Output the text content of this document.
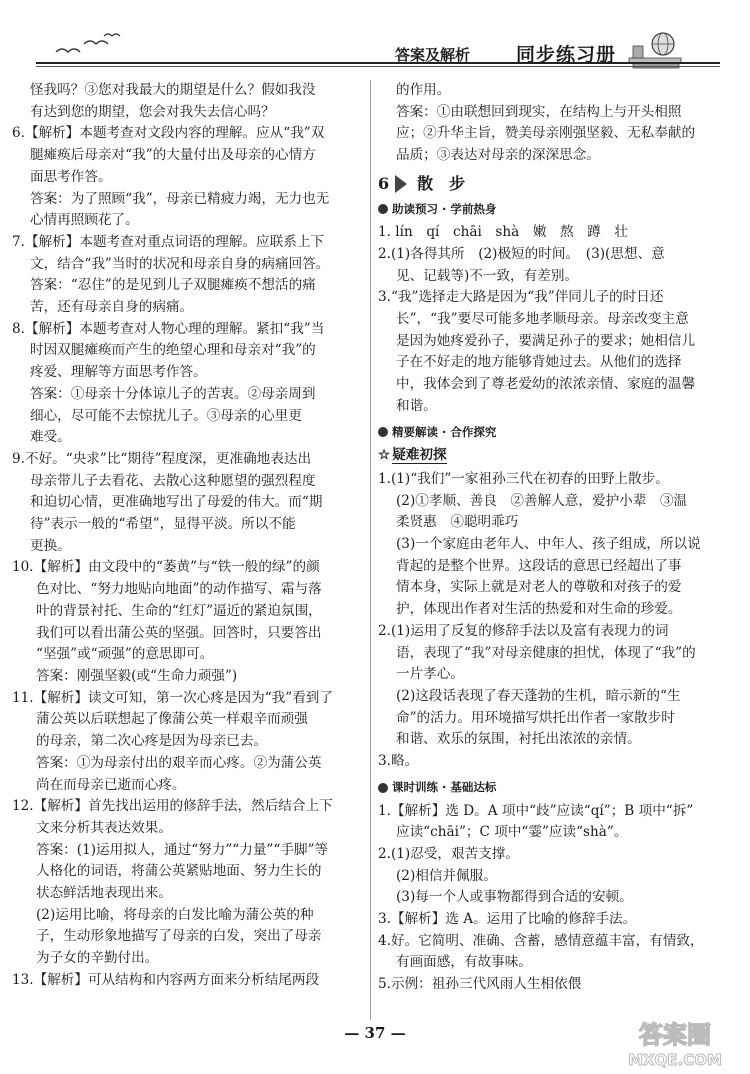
答案及解析 同步练习册

怪我吗？③您对我最大的期望是什么？假如我没

有达到您的期望，您会对我失去信心吗？

6.【解析】本题考查对文段内容的理解。应从“我”双

腿瘫痪后母亲对“我”的大量付出及母亲的心情方

面思考作答。

答案：为了照顾“我”，母亲已精疲力竭，无力也无

心情再照顾花了。

7.【解析】本题考查对重点词语的理解。应联系上下

文，结合“我”当时的状况和母亲自身的病痛回答。

答案：“忍住”的是见到儿子双腿瘫痪不想活的痛

苦，还有母亲自身的病痛。

8.【解析】本题考查对人物心理的理解。紧扣“我”当

时因双腿瘫痪而产生的绝望心理和母亲对“我”的

疼爱、理解等方面思考作答。

答案：①母亲十分体谅儿子的苦衷。②母亲周到

细心，尽可能不去惊扰儿子。③母亲的心里更

难受。

9.不好。“央求”比“期待”程度深，更准确地表达出

母亲带儿子去看花、去散心这种愿望的强烈程度

和迫切心情，更准确地写出了母爱的伟大。而“期

待”表示一般的“希望”，显得平淡。所以不能

更换。

10.【解析】由文段中的“萎黄”与“铁一般的绿”的颜

色对比、“努力地贴向地面”的动作描写、霜与落

叶的背景衬托、生命的“红灯”逼近的紧迫氛围，

我们可以看出蒲公英的坚强。回答时，只要答出

“坚强”或“顽强”的意思即可。

答案：刚强坚毅(或“生命力顽强”)

11.【解析】读文可知，第一次心疼是因为“我”看到了

蒲公英以后联想起了像蒲公英一样艰辛而顽强

的母亲，第二次心疼是因为母亲已去。

答案：①为母亲付出的艰辛而心疼。②为蒲公英

尚在而母亲已逝而心疼。

12.【解析】首先找出运用的修辞手法，然后结合上下

文来分析其表达效果。

答案：(1)运用拟人，通过“努力”“力量”“手脚”等

人格化的词语，将蒲公英紧贴地面、努力生长的

状态鲜活地表现出来。

(2)运用比喻，将母亲的白发比喻为蒲公英的种

子，生动形象地描写了母亲的白发，突出了母亲

为子女的辛勤付出。

13.【解析】可从结构和内容两方面来分析结尾两段

的作用。

答案：①由联想回到现实，在结构上与开头相照

应；②升华主旨，赞美母亲刚强坚毅、无私奉献的

品质；③表达对母亲的深深思念。

6 散　步
助读预习 · 学前热身

1. lín　qí　chāi　shà　嫩　熬　蹲　壮

2.(1)各得其所　(2)极短的时间。　(3)(思想、意

见、记载等)不一致，有差别。

3.“我”选择走大路是因为“我”伴同儿子的时日还

长”，“我”要尽可能多地孝顺母亲。母亲改变主意

是因为她疼爱孙子，要满足孙子的要求；她相信儿

子在不好走的地方能够背她过去。从他们的选择

中，我体会到了尊老爱幼的浓浓亲情、家庭的温馨

和谐。

精要解读 · 合作探究
☆ 疑难初探

1.(1)“我们”一家祖孙三代在初春的田野上散步。

(2)①孝顺、善良　②善解人意，爱护小辈　③温

柔贤惠　④聪明乖巧

(3)一个家庭由老年人、中年人、孩子组成，所以说

背起的是整个世界。这段话的意思已经超出了事

情本身，实际上就是对老人的尊敬和对孩子的爱

护，体现出作者对生活的热爱和对生命的珍爱。

2.(1)运用了反复的修辞手法以及富有表现力的词

语，表现了“我”对母亲健康的担忧，体现了“我”的

一片孝心。

(2)这段话表现了春天蓬勃的生机，暗示新的“生

命”的活力。用环境描写烘托出作者一家散步时

和谐、欢乐的氛围，衬托出浓浓的亲情。

3.略。

课时训练 · 基础达标

1.【解析】选 D。A 项中“歧”应读“qí”；B 项中“拆”

应读“chāi”；C 项中“霎”应读“shà”。

2.(1)忍受，艰苦支撑。

(2)相信并佩服。

(3)每一个人或事物都得到合适的安顿。

3.【解析】选 A。运用了比喻的修辞手法。

4.好。它简明、准确、含蓄，感情意蕴丰富，有情致，

有画面感，有故事味。

5.示例：祖孙三代风雨人生相依偎

— 37 —	答案圈
MXQE.COM
